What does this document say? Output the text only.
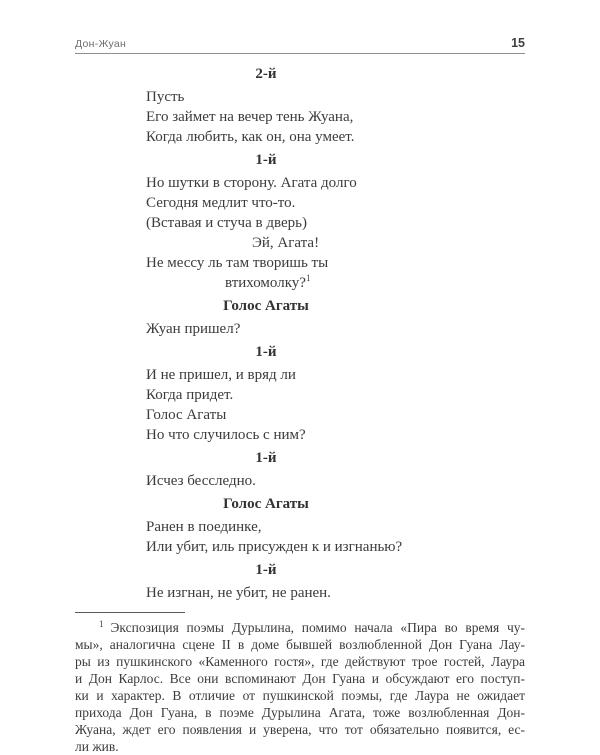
Дон-Жуан	15
2-й
Пусть
Его займет на вечер тень Жуана,
Когда любить, как он, она умеет.
1-й
Но шутки в сторону. Агата долго
Сегодня медлит что-то.
(Вставая и стуча в дверь)
Эй, Агата!
Не мессу ль там творишь ты
втихомолку?$^1$
Голос Агаты
Жуан пришел?
1-й
И не пришел, и вряд ли
Когда придет.
Голос Агаты
Но что случилось с ним?
1-й
Исчез бесследно.
Голос Агаты
Ранен в поединке,
Или убит, иль присужден к и изгнанью?
1-й
Не изгнан, не убит, не ранен.
$^1$ Экспозиция поэмы Дурылина, помимо начала «Пира во время чу-
мы», аналогична сцене II в доме бывшей возлюбленной Дон Гуана Лау-
ры из пушкинского «Каменного гостя», где действуют трое гостей, Лаура
и Дон Карлос. Все они вспоминают Дон Гуана и обсуждают его поступ-
ки и характер. В отличие от пушкинской поэмы, где Лаура не ожидает
прихода Дон Гуана, в поэме Дурылина Агата, тоже возлюбленная Дон-
Жуана, ждет его появления и уверена, что тот обязательно появится, ес-
ли жив.
